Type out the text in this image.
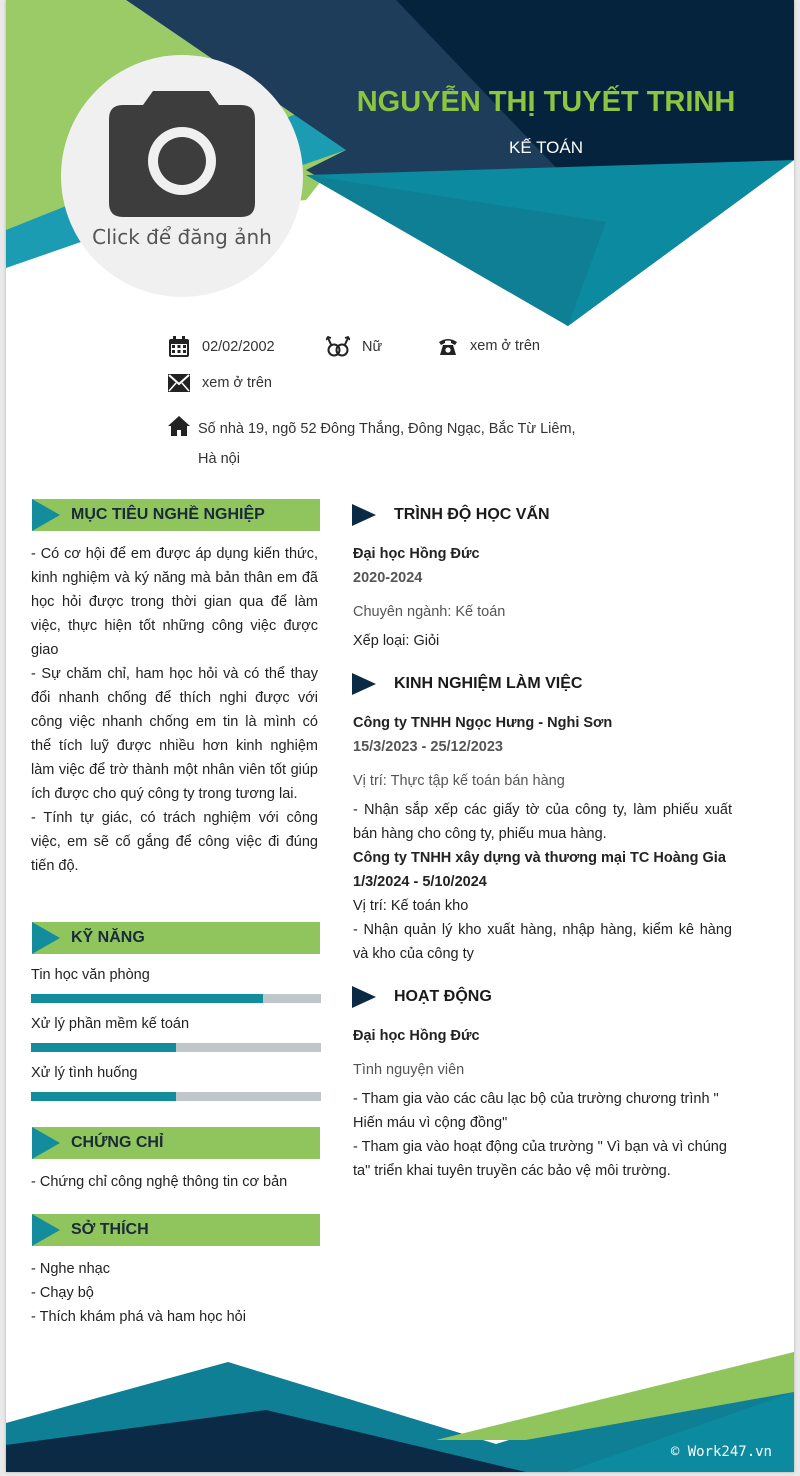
NGUYỄN THỊ TUYẾT TRINH
KẾ TOÁN
Click để đăng ảnh
02/02/2002	Nữ	xem ở trên
xem ở trên
Số nhà 19, ngõ 52 Đông Thắng, Đông Ngạc, Bắc Từ Liêm,
Hà nội
MỤC TIÊU NGHỀ NGHIỆP
- Có cơ hội để em được áp dụng kiến thức, kinh nghiệm và ký năng mà bản thân em đã học hỏi được trong thời gian qua để làm việc, thực hiện tốt những công việc được giao
- Sự chăm chỉ, ham học hỏi và có thể thay đổi nhanh chống để thích nghi được với công việc nhanh chống em tin là mình có thể tích luỹ được nhiều hơn kinh nghiệm làm việc để trờ thành một nhân viên tốt giúp ích được cho quý công ty trong tương lai.
- Tính tự giác, có trách nghiệm với công việc, em sẽ cố gắng để công việc đi đúng tiến độ.
KỸ NĂNG
Tin học văn phòng
Xử lý phần mềm kế toán
Xử lý tình huống
CHỨNG CHỈ
- Chứng chỉ công nghệ thông tin cơ bản
SỞ THÍCH
- Nghe nhạc
- Chạy bộ
- Thích khám phá và ham học hỏi
TRÌNH ĐỘ HỌC VẤN
Đại học Hồng Đức
2020-2024
Chuyên ngành: Kế toán
Xếp loại: Giỏi
KINH NGHIỆM LÀM VIỆC
Công ty TNHH Ngọc Hưng - Nghi Sơn
15/3/2023 - 25/12/2023
Vị trí: Thực tập kế toán bán hàng
- Nhận sắp xếp các giấy tờ của công ty, làm phiếu xuất bán hàng cho công ty, phiếu mua hàng.
Công ty TNHH xây dựng và thương mại TC Hoàng Gia
1/3/2024 - 5/10/2024
Vị trí: Kế toán kho
- Nhận quản lý kho xuất hàng, nhập hàng, kiểm kê hàng và kho của công ty
HOẠT ĐỘNG
Đại học Hồng Đức
Tình nguyện viên
- Tham gia vào các câu lạc bộ của trường chương trình " Hiến máu vì cộng đồng"
- Tham gia vào hoạt động của trường " Vì bạn và vì chúng ta" triển khai tuyên truyền các bảo vệ môi trường.
© Work247.vn
